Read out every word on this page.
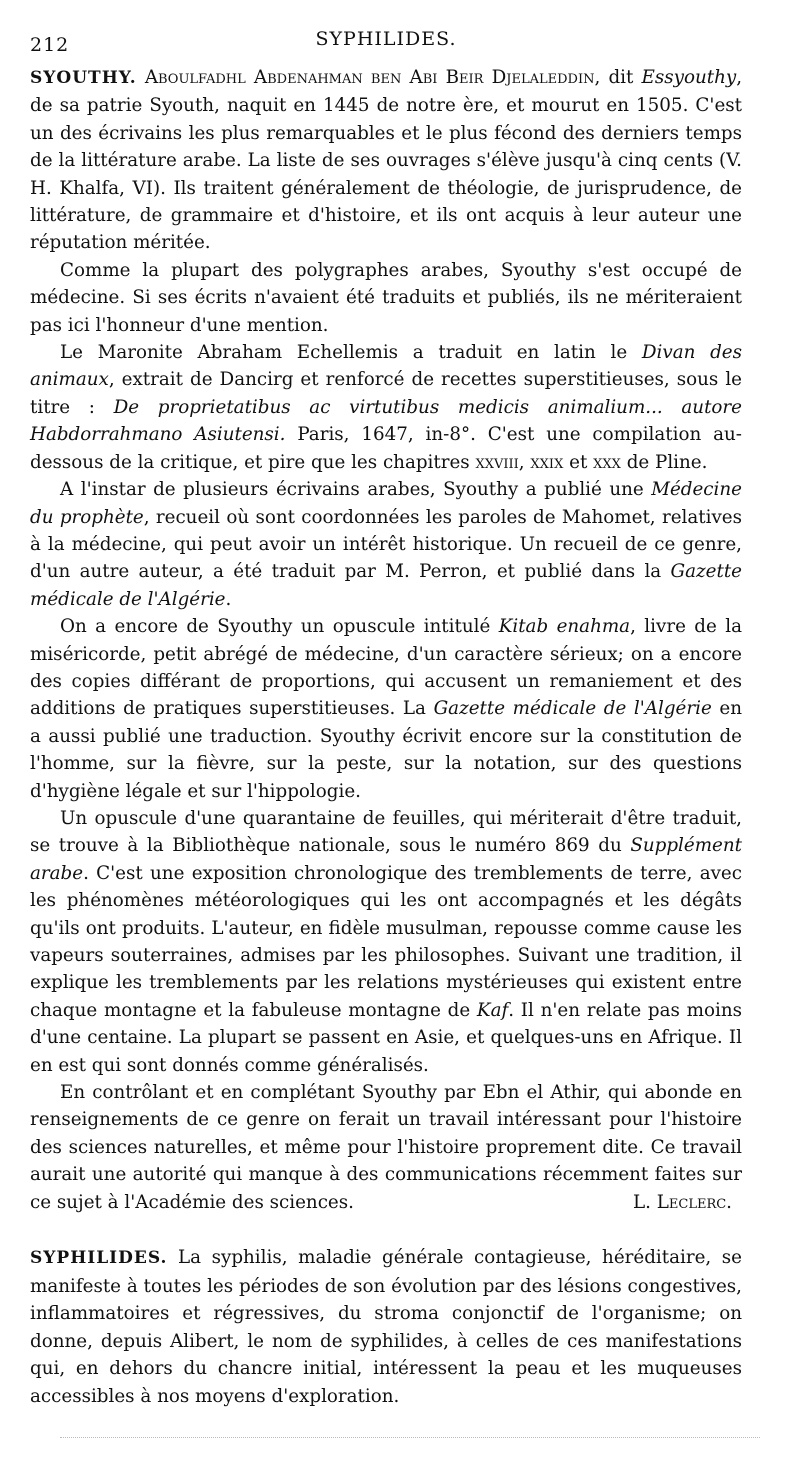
212	SYPHILIDES.

SYOUTHY. Aboulfadhl Abdenahman ben Abi Beir Djelaleddin, dit Essyouthy, de sa patrie Syouth, naquit en 1445 de notre ère, et mourut en 1505. C'est un des écrivains les plus remarquables et le plus fécond des derniers temps de la littérature arabe. La liste de ses ouvrages s'élève jusqu'à cinq cents (V. H. Khalfa, VI). Ils traitent généralement de théologie, de jurisprudence, de littérature, de grammaire et d'histoire, et ils ont acquis à leur auteur une réputation méritée.

Comme la plupart des polygraphes arabes, Syouthy s'est occupé de médecine. Si ses écrits n'avaient été traduits et publiés, ils ne mériteraient pas ici l'honneur d'une mention.

Le Maronite Abraham Echellemis a traduit en latin le Divan des animaux, extrait de Dancirg et renforcé de recettes superstitieuses, sous le titre : De proprietatibus ac virtutibus medicis animalium... autore Habdorrahmano Asiutensi. Paris, 1647, in-8°. C'est une compilation au-dessous de la critique, et pire que les chapitres xxviii, xxix et xxx de Pline.

A l'instar de plusieurs écrivains arabes, Syouthy a publié une Médecine du prophète, recueil où sont coordonnées les paroles de Mahomet, relatives à la médecine, qui peut avoir un intérêt historique. Un recueil de ce genre, d'un autre auteur, a été traduit par M. Perron, et publié dans la Gazette médicale de l'Algérie.

On a encore de Syouthy un opuscule intitulé Kitab enahma, livre de la miséricorde, petit abrégé de médecine, d'un caractère sérieux; on a encore des copies différant de proportions, qui accusent un remaniement et des additions de pratiques superstitieuses. La Gazette médicale de l'Algérie en a aussi publié une traduction. Syouthy écrivit encore sur la constitution de l'homme, sur la fièvre, sur la peste, sur la notation, sur des questions d'hygiène légale et sur l'hippologie.

Un opuscule d'une quarantaine de feuilles, qui mériterait d'être traduit, se trouve à la Bibliothèque nationale, sous le numéro 869 du Supplément arabe. C'est une exposition chronologique des tremblements de terre, avec les phénomènes météorologiques qui les ont accompagnés et les dégâts qu'ils ont produits. L'auteur, en fidèle musulman, repousse comme cause les vapeurs souterraines, admises par les philosophes. Suivant une tradition, il explique les tremblements par les relations mystérieuses qui existent entre chaque montagne et la fabuleuse montagne de Kaf. Il n'en relate pas moins d'une centaine. La plupart se passent en Asie, et quelques-uns en Afrique. Il en est qui sont donnés comme généralisés.

En contrôlant et en complétant Syouthy par Ebn el Athir, qui abonde en renseignements de ce genre on ferait un travail intéressant pour l'histoire des sciences naturelles, et même pour l'histoire proprement dite. Ce travail aurait une autorité qui manque à des communications récemment faites sur ce sujet à l'Académie des sciences.	L. Leclerc.

SYPHILIDES. La syphilis, maladie générale contagieuse, héréditaire, se manifeste à toutes les périodes de son évolution par des lésions congestives, inflammatoires et régressives, du stroma conjonctif de l'organisme; on donne, depuis Alibert, le nom de syphilides, à celles de ces manifestations qui, en dehors du chancre initial, intéressent la peau et les muqueuses accessibles à nos moyens d'exploration.
